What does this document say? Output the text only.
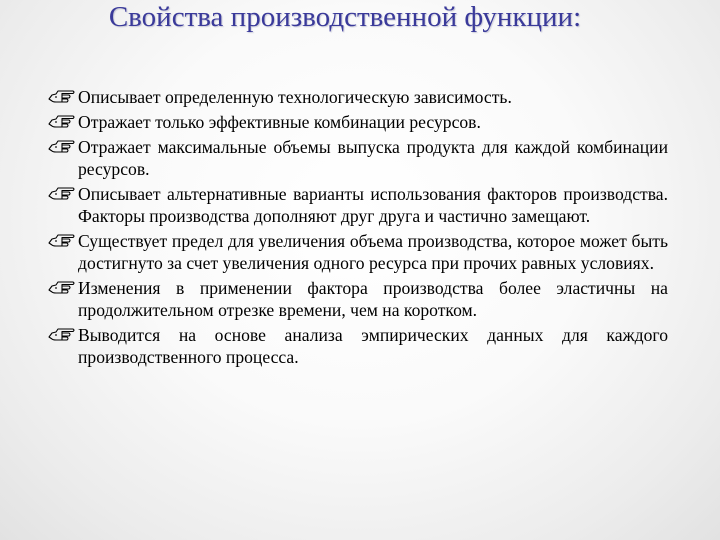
Свойства производственной функции:
Описывает определенную технологическую зависимость.
Отражает только эффективные комбинации ресурсов.
Отражает максимальные объемы выпуска продукта для каждой комбинации ресурсов.
Описывает альтернативные варианты использования факторов производства. Факторы производства дополняют друг друга и частично замещают.
Существует предел для увеличения объема производства, которое может быть достигнуто за счет увеличения одного ресурса при прочих равных условиях.
Изменения в применении фактора производства более эластичны на продолжительном отрезке времени, чем на коротком.
Выводится на основе анализа эмпирических данных для каждого производственного процесса.
